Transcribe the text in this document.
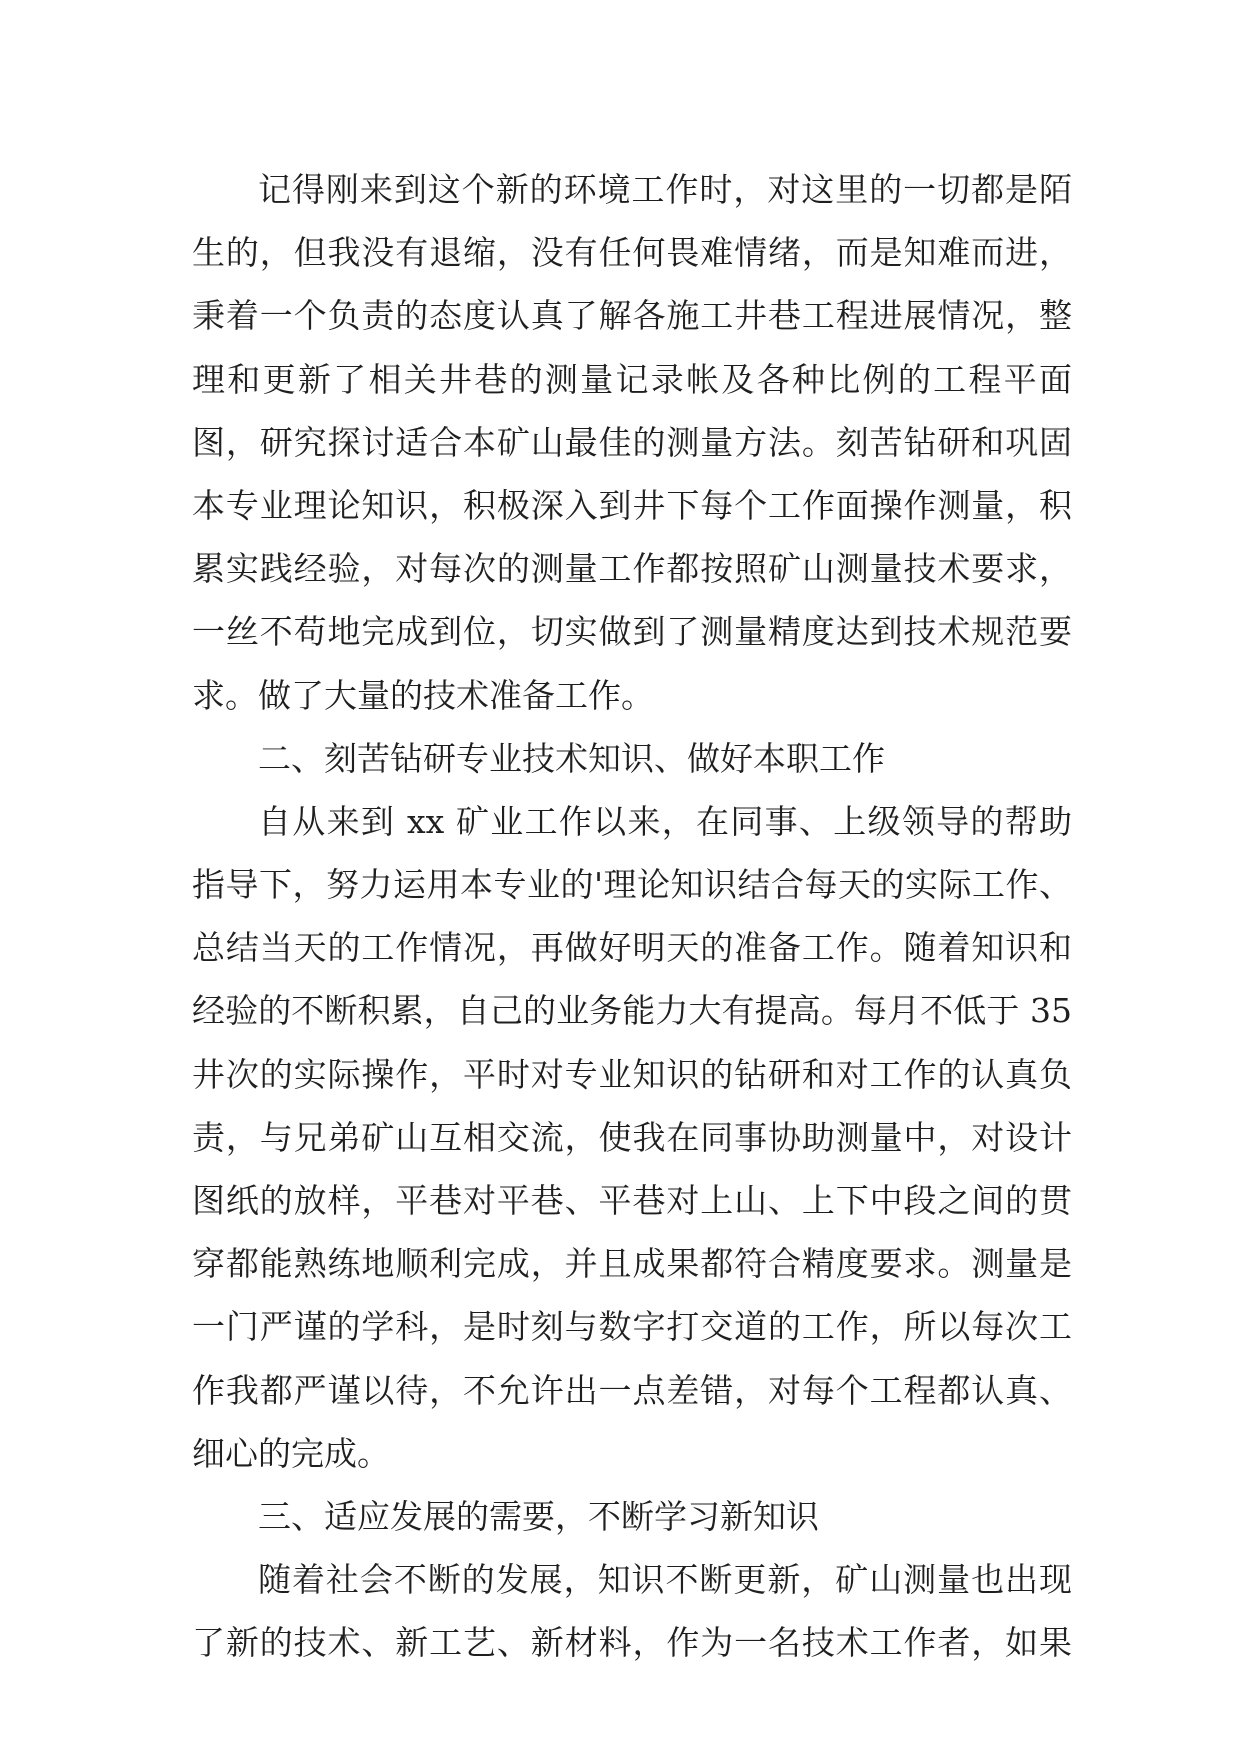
记得刚来到这个新的环境工作时，对这里的一切都是陌
生的，但我没有退缩，没有任何畏难情绪，而是知难而进，
秉着一个负责的态度认真了解各施工井巷工程进展情况，整
理和更新了相关井巷的测量记录帐及各种比例的工程平面
图，研究探讨适合本矿山最佳的测量方法。刻苦钻研和巩固
本专业理论知识，积极深入到井下每个工作面操作测量，积
累实践经验，对每次的测量工作都按照矿山测量技术要求，
一丝不苟地完成到位，切实做到了测量精度达到技术规范要
求。做了大量的技术准备工作。
二、刻苦钻研专业技术知识、做好本职工作
自从来到 xx 矿业工作以来，在同事、上级领导的帮助
指导下，努力运用本专业的'理论知识结合每天的实际工作、
总结当天的工作情况，再做好明天的准备工作。随着知识和
经验的不断积累，自己的业务能力大有提高。每月不低于 35
井次的实际操作，平时对专业知识的钻研和对工作的认真负
责，与兄弟矿山互相交流，使我在同事协助测量中，对设计
图纸的放样，平巷对平巷、平巷对上山、上下中段之间的贯
穿都能熟练地顺利完成，并且成果都符合精度要求。测量是
一门严谨的学科，是时刻与数字打交道的工作，所以每次工
作我都严谨以待，不允许出一点差错，对每个工程都认真、
细心的完成。
三、适应发展的需要，不断学习新知识
随着社会不断的发展，知识不断更新，矿山测量也出现
了新的技术、新工艺、新材料，作为一名技术工作者，如果
